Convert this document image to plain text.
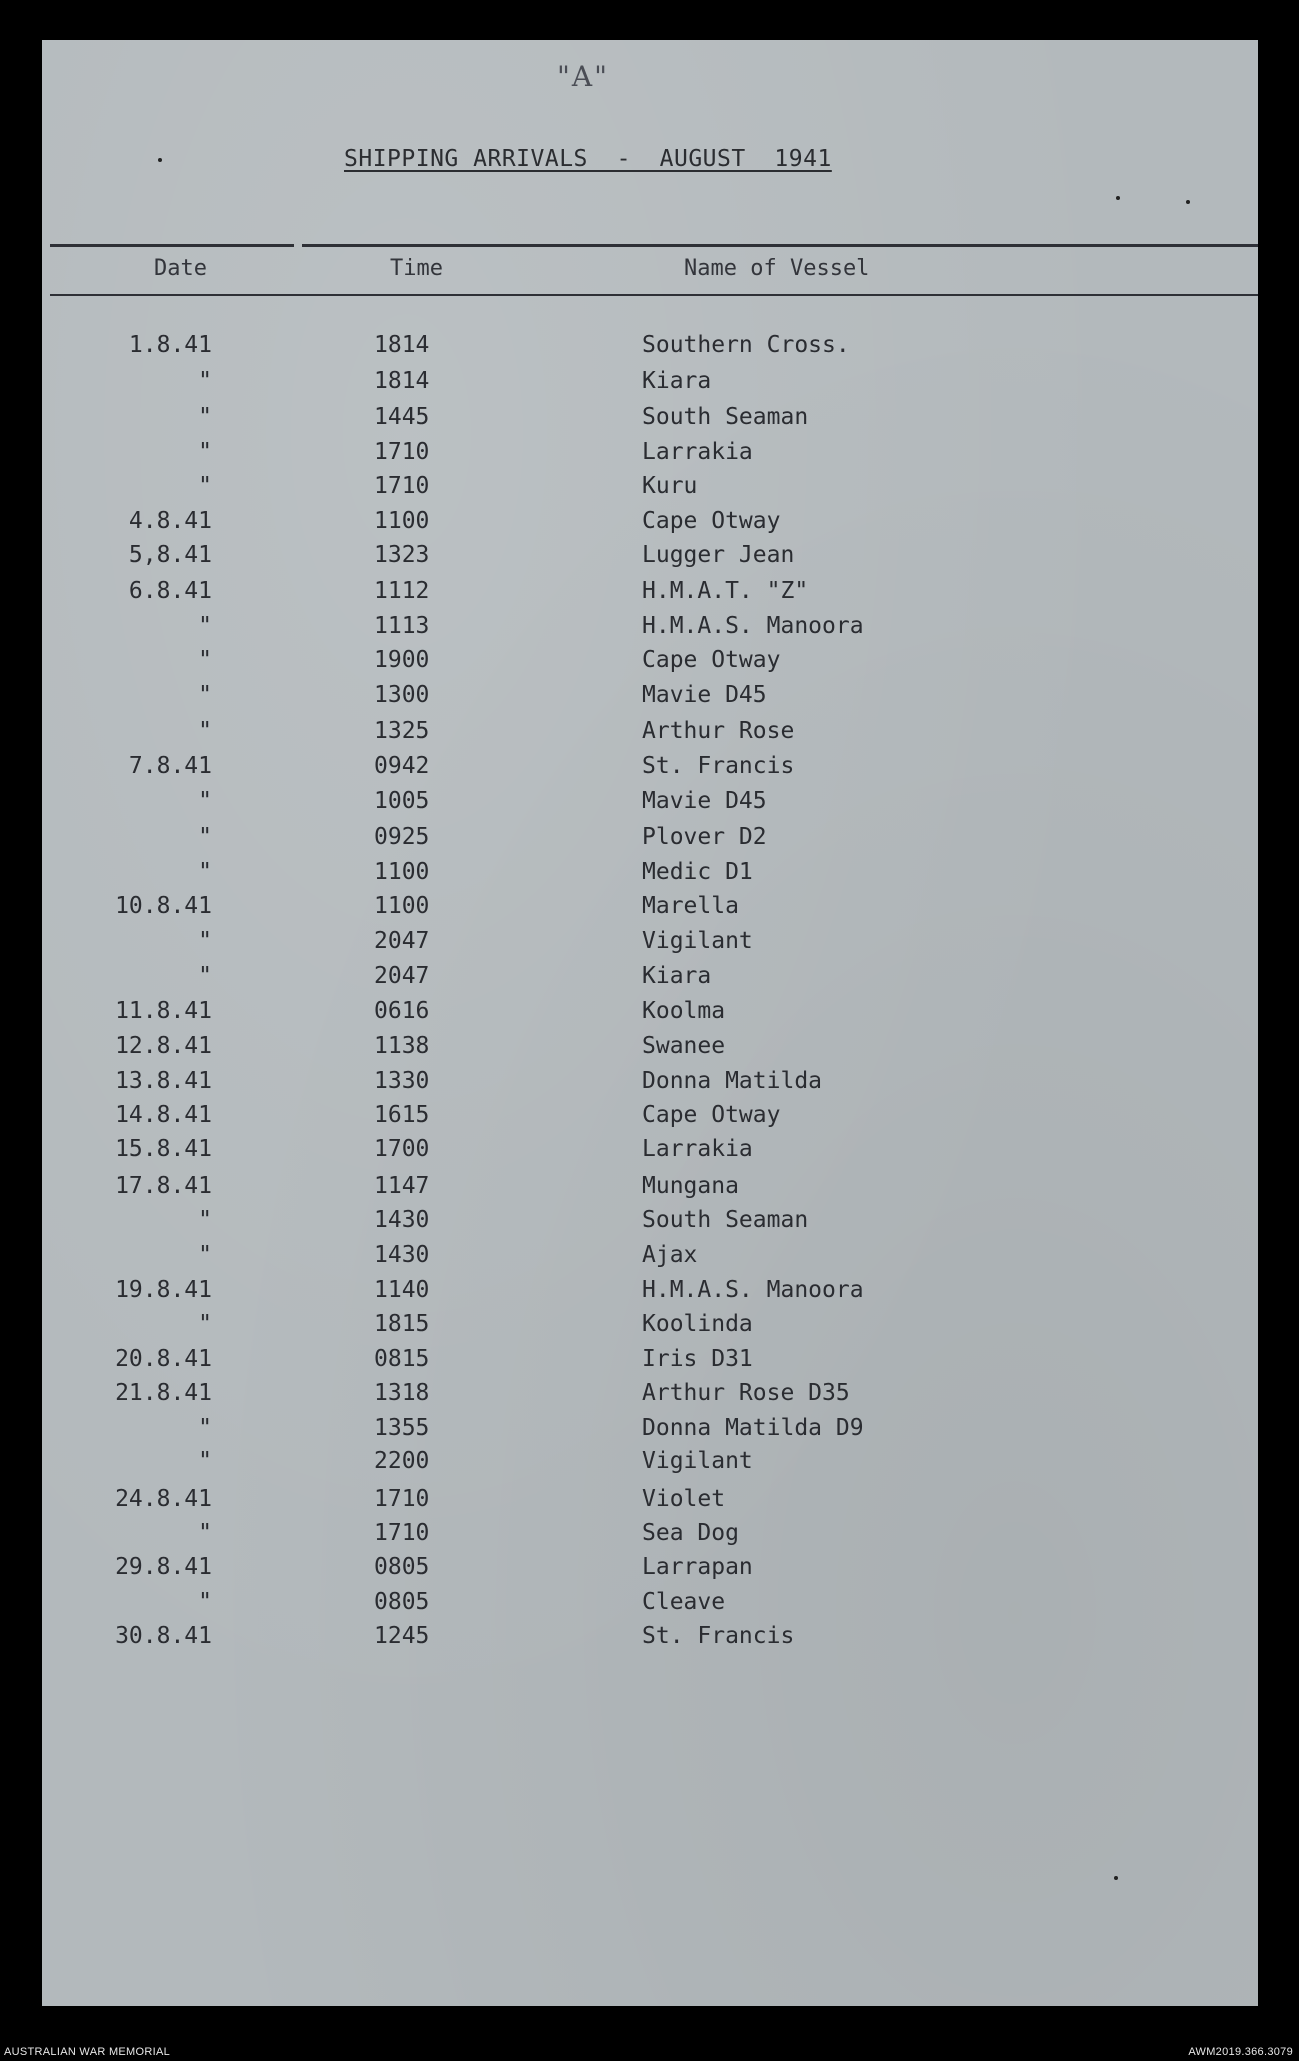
"A"
SHIPPING ARRIVALS  -  AUGUST  1941
Date	Time	Name of Vessel
1.8.41	1814	Southern Cross.
"	1814	Kiara
"	1445	South Seaman
"	1710	Larrakia
"	1710	Kuru
4.8.41	1100	Cape Otway
5,8.41	1323	Lugger Jean
6.8.41	1112	H.M.A.T. "Z"
"	1113	H.M.A.S. Manoora
"	1900	Cape Otway
"	1300	Mavie D45
"	1325	Arthur Rose
7.8.41	0942	St. Francis
"	1005	Mavie D45
"	0925	Plover D2
"	1100	Medic D1
10.8.41	1100	Marella
"	2047	Vigilant
"	2047	Kiara
11.8.41	0616	Koolma
12.8.41	1138	Swanee
13.8.41	1330	Donna Matilda
14.8.41	1615	Cape Otway
15.8.41	1700	Larrakia
17.8.41	1147	Mungana
"	1430	South Seaman
"	1430	Ajax
19.8.41	1140	H.M.A.S. Manoora
"	1815	Koolinda
20.8.41	0815	Iris D31
21.8.41	1318	Arthur Rose D35
"	1355	Donna Matilda D9
"	2200	Vigilant
24.8.41	1710	Violet
"	1710	Sea Dog
29.8.41	0805	Larrapan
"	0805	Cleave
30.8.41	1245	St. Francis
AUSTRALIAN WAR MEMORIAL	AWM2019.366.3079
